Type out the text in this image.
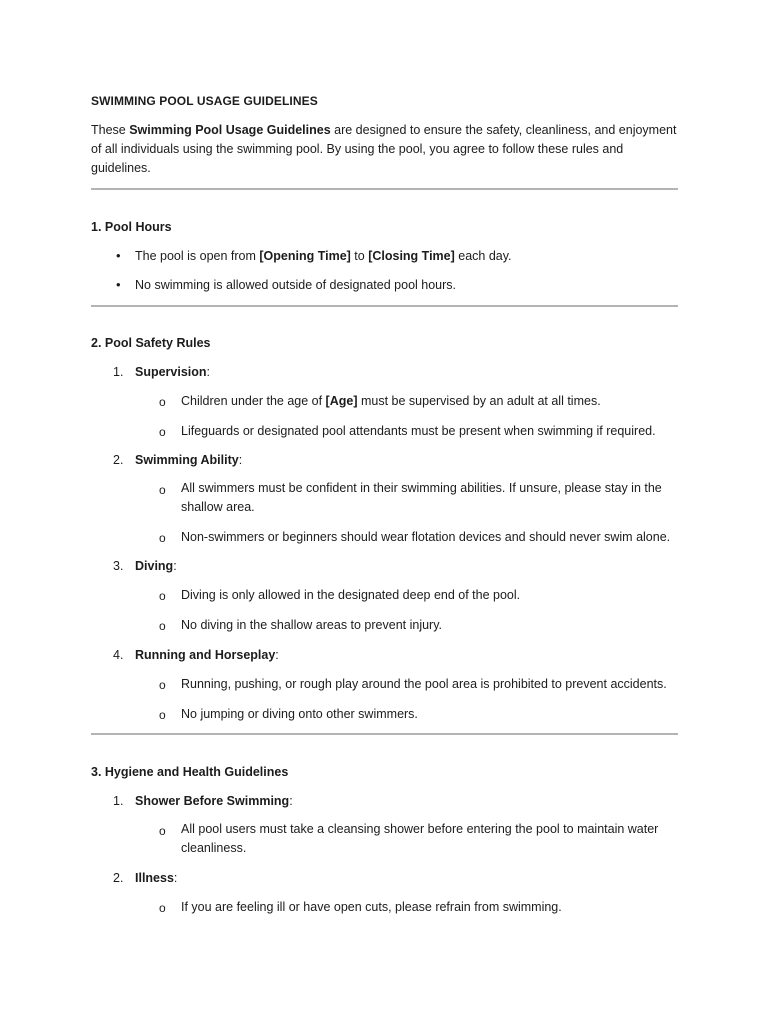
SWIMMING POOL USAGE GUIDELINES
These Swimming Pool Usage Guidelines are designed to ensure the safety, cleanliness, and enjoyment of all individuals using the swimming pool. By using the pool, you agree to follow these rules and guidelines.
1. Pool Hours
• The pool is open from [Opening Time] to [Closing Time] each day.
• No swimming is allowed outside of designated pool hours.
2. Pool Safety Rules
1. Supervision:
o Children under the age of [Age] must be supervised by an adult at all times.
o Lifeguards or designated pool attendants must be present when swimming if required.
2. Swimming Ability:
o All swimmers must be confident in their swimming abilities. If unsure, please stay in the shallow area.
o Non-swimmers or beginners should wear flotation devices and should never swim alone.
3. Diving:
o Diving is only allowed in the designated deep end of the pool.
o No diving in the shallow areas to prevent injury.
4. Running and Horseplay:
o Running, pushing, or rough play around the pool area is prohibited to prevent accidents.
o No jumping or diving onto other swimmers.
3. Hygiene and Health Guidelines
1. Shower Before Swimming:
o All pool users must take a cleansing shower before entering the pool to maintain water cleanliness.
2. Illness:
o If you are feeling ill or have open cuts, please refrain from swimming.
